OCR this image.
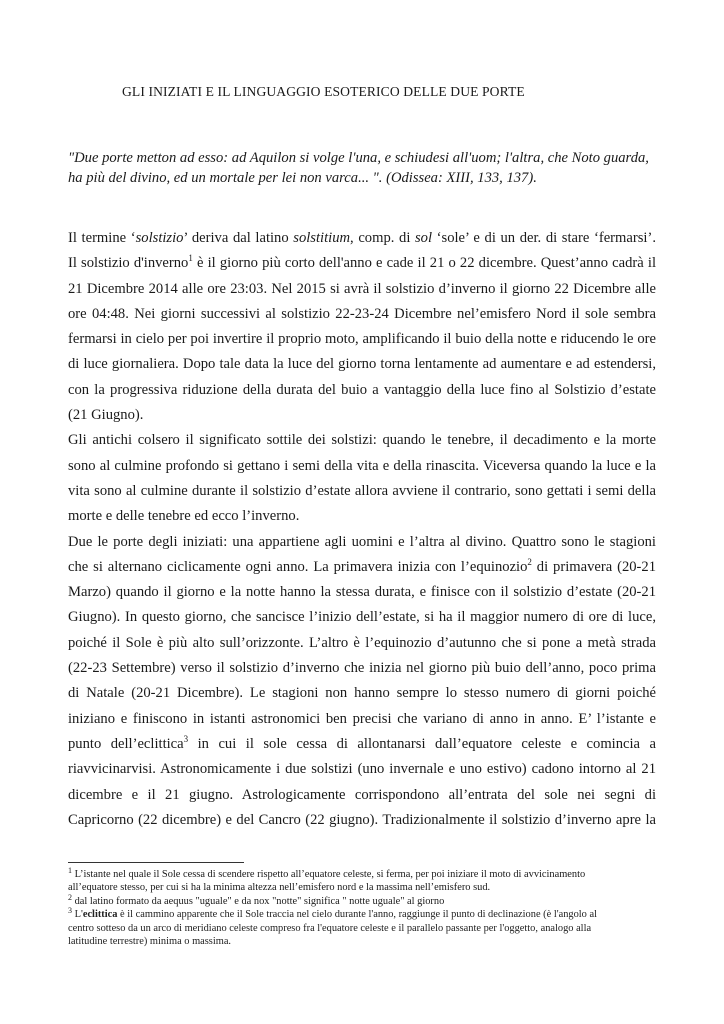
GLI INIZIATI E IL LINGUAGGIO ESOTERICO DELLE DUE PORTE
"Due porte metton ad esso: ad Aquilon si volge l'una, e schiudesi all'uom; l'altra, che Noto guarda,
ha più del divino, ed un mortale per lei non varca... ". (Odissea: XIII, 133, 137).
Il termine ‘solstizio’ deriva dal latino solstitium, comp. di sol ‘sole’ e di un der. di stare ‘fermarsi’.
Il solstizio d'inverno$^1$ è il giorno più corto dell'anno e cade il 21 o 22 dicembre. Quest’anno cadrà il
21 Dicembre 2014 alle ore 23:03. Nel 2015 si avrà il solstizio d’inverno il giorno 22 Dicembre alle
ore 04:48. Nei giorni successivi al solstizio 22-23-24 Dicembre nel’emisfero Nord il sole sembra
fermarsi in cielo per poi invertire il proprio moto, amplificando il buio della notte e riducendo le ore
di luce giornaliera. Dopo tale data la luce del giorno torna lentamente ad aumentare e ad estendersi,
con la progressiva riduzione della durata del buio a vantaggio della luce fino al Solstizio d’estate
(21 Giugno).
Gli antichi colsero il significato sottile dei solstizi: quando le tenebre, il decadimento e la morte
sono al culmine profondo si gettano i semi della vita e della rinascita. Viceversa quando la luce e la
vita sono al culmine durante il solstizio d’estate allora avviene il contrario, sono gettati i semi della
morte e delle tenebre ed ecco l’inverno.
Due le porte degli iniziati: una appartiene agli uomini e l’altra al divino. Quattro sono le stagioni
che si alternano ciclicamente ogni anno. La primavera inizia con l’equinozio$^2$ di primavera (20-21
Marzo) quando il giorno e la notte hanno la stessa durata, e finisce con il solstizio d’estate (20-21
Giugno). In questo giorno, che sancisce l’inizio dell’estate, si ha il maggior numero di ore di luce,
poiché il Sole è più alto sull’orizzonte. L’altro è l’equinozio d’autunno che si pone a metà strada
(22-23 Settembre) verso il solstizio d’inverno che inizia nel giorno più buio dell’anno, poco prima
di Natale (20-21 Dicembre). Le stagioni non hanno sempre lo stesso numero di giorni poiché
iniziano e finiscono in istanti astronomici ben precisi che variano di anno in anno. E’ l’istante e
punto dell’eclittica$^3$ in cui il sole cessa di allontanarsi dall’equatore celeste e comincia a
riavvicinarvisi. Astronomicamente i due solstizi (uno invernale e uno estivo) cadono intorno al 21
dicembre e il 21 giugno. Astrologicamente corrispondono all’entrata del sole nei segni di
Capricorno (22 dicembre) e del Cancro (22 giugno). Tradizionalmente il solstizio d’inverno apre la
$^1$ L’istante nel quale il Sole cessa di scendere rispetto all’equatore celeste, si ferma, per poi iniziare il moto di avvicinamento
all’equatore stesso, per cui si ha la minima altezza nell’emisfero nord e la massima nell’emisfero sud.
$^2$ dal latino formato da aequus "uguale" e da nox "notte" significa " notte uguale" al giorno
$^3$ L'eclittica è il cammino apparente che il Sole traccia nel cielo durante l'anno, raggiunge il punto di declinazione (è l'angolo al
centro sotteso da un arco di meridiano celeste compreso fra l'equatore celeste e il parallelo passante per l'oggetto, analogo alla
latitudine terrestre) minima o massima.
